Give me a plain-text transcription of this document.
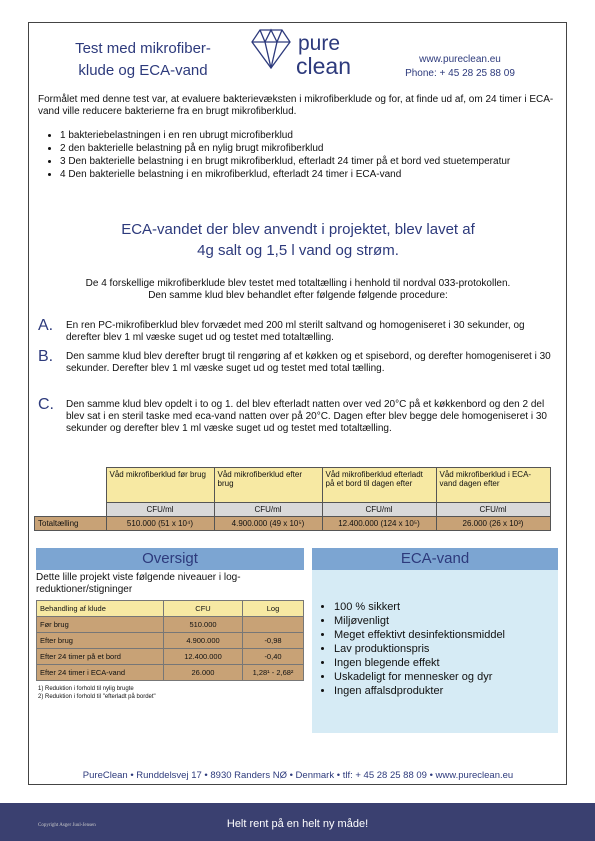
Test med mikrofiber-
klude og ECA-vand
pure
clean	www.pureclean.eu
Phone: + 45 28 25 88 09
Formålet med denne test var, at evaluere bakterievæksten i mikrofiberklude og for, at finde ud af, om 24 timer i ECA-vand ville reducere bakterierne fra en brugt mikrofiberklud.
• 1 bakteriebelastningen i en ren ubrugt microfiberklud
• 2 den bakterielle belastning på en nylig brugt mikrofiberklud
• 3 Den bakterielle belastning i en brugt mikrofiberklud, efterladt 24 timer på et bord ved stuetemperatur
• 4 Den bakterielle belastning i en mikrofiberklud, efterladt 24 timer i ECA-vand
ECA-vandet der blev anvendt i projektet, blev lavet af
4g salt og 1,5 l vand og strøm.
De 4 forskellige mikrofiberklude blev testet med totaltælling i henhold til nordval 033-protokollen.
Den samme klud blev behandlet efter følgende følgende procedure:
A. En ren PC-mikrofiberklud blev forvædet med 200 ml sterilt saltvand og homogeniseret i 30 sekunder, og derefter blev 1 ml væske suget ud og testet med totaltælling.
B. Den samme klud blev derefter brugt til rengøring af et køkken og et spisebord, og derefter homogeniseret i 30 sekunder. Derefter blev 1 ml væske suget ud og testet med total tælling.
C. Den samme klud blev opdelt i to og 1. del blev efterladt natten over ved 20°C på et køkkenbord og den 2 del blev sat i en steril taske med eca-vand natten over på 20°C. Dagen efter blev begge dele homogeniseret i 30 sekunder og derefter blev 1 ml væske suget ud og testet med totaltælling.
	Våd mikrofiberklud før brug	Våd mikrofiberklud efter brug	Våd mikrofiberklud efterladt på et bord til dagen efter	Våd mikrofiberklud i ECA-vand dagen efter
	CFU/ml	CFU/ml	CFU/ml	CFU/ml
Totaltælling	510.000 (51 x 10⁴)	4.900.000 (49 x 10⁵)	12.400.000 (124 x 10⁵)	26.000 (26 x 10³)
Oversigt
Dette lille projekt viste følgende niveauer i log-reduktioner/stigninger
Behandling af klude	CFU	Log
Før brug	510.000	
Efter brug	4.900.000	-0,98
Efter 24 timer på et bord	12.400.000	-0,40
Efter 24 timer i ECA-vand	26.000	1,28¹ - 2,68²
1) Reduktion i forhold til nylig brugte
2) Reduktion i forhold til "efterladt på bordet"
ECA-vand
• 100 % sikkert
• Miljøvenligt
• Meget effektivt desinfektionsmiddel
• Lav produktionspris
• Ingen blegende effekt
• Uskadeligt for mennesker og dyr
• Ingen affalsdprodukter
PureClean • Runddelsvej 17 • 8930 Randers NØ • Denmark • tlf: + 45 28 25 88 09 • www.pureclean.eu
Copyright Asger Juul-Jensen	Helt rent på en helt ny måde!
